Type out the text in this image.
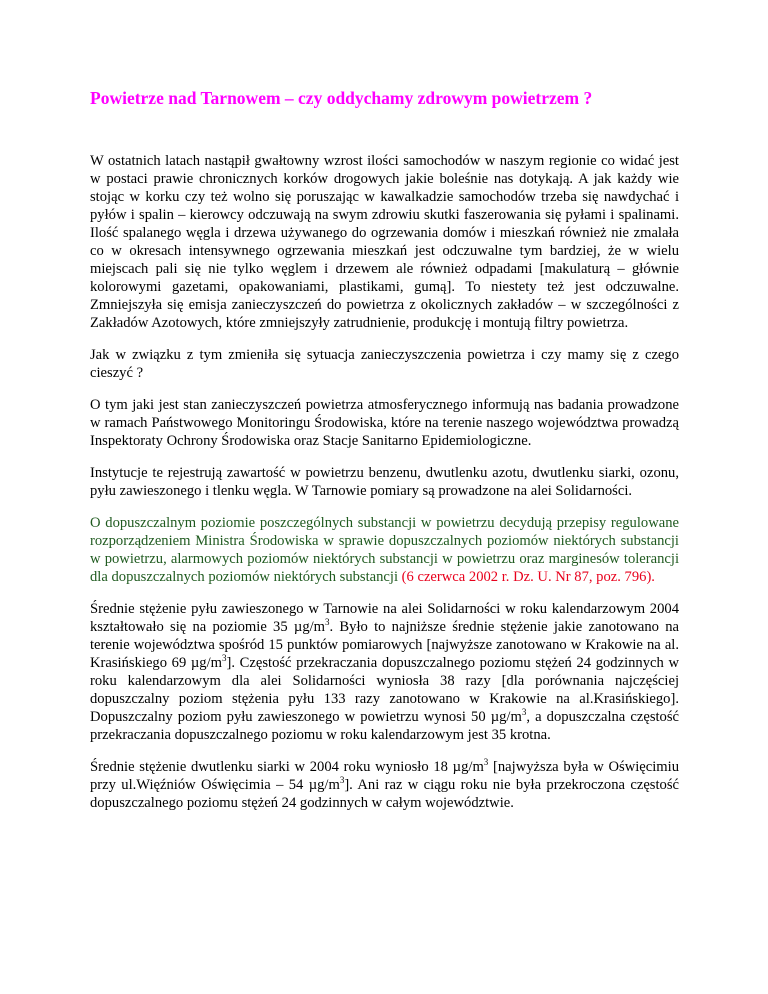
Powietrze nad Tarnowem – czy oddychamy zdrowym powietrzem ?

W ostatnich latach nastąpił gwałtowny wzrost ilości samochodów w naszym regionie co widać jest w postaci prawie chronicznych korków drogowych jakie boleśnie nas dotykają. A jak każdy wie stojąc w korku czy też wolno się poruszając w kawalkadzie samochodów trzeba się nawdychać i pyłów i spalin – kierowcy odczuwają na swym zdrowiu skutki faszerowania się pyłami i spalinami. Ilość spalanego węgla i drzewa używanego do ogrzewania domów i mieszkań również nie zmalała co w okresach intensywnego ogrzewania mieszkań jest odczuwalne tym bardziej, że w wielu miejscach pali się nie tylko węglem i drzewem ale również odpadami [makulaturą – głównie kolorowymi gazetami, opakowaniami, plastikami, gumą]. To niestety też jest odczuwalne. Zmniejszyła się emisja zanieczyszczeń do powietrza z okolicznych zakładów – w szczególności z Zakładów Azotowych, które zmniejszyły zatrudnienie, produkcję i montują filtry powietrza.

Jak w związku z tym zmieniła się sytuacja zanieczyszczenia powietrza i czy mamy się z czego cieszyć ?

O tym jaki jest stan zanieczyszczeń powietrza atmosferycznego informują nas badania prowadzone w ramach Państwowego Monitoringu Środowiska, które na terenie naszego województwa prowadzą Inspektoraty Ochrony Środowiska oraz Stacje Sanitarno Epidemiologiczne.

Instytucje te rejestrują zawartość w powietrzu benzenu, dwutlenku azotu, dwutlenku siarki, ozonu, pyłu zawieszonego i tlenku węgla. W Tarnowie pomiary są prowadzone na alei Solidarności.

O dopuszczalnym poziomie poszczególnych substancji w powietrzu decydują przepisy regulowane rozporządzeniem Ministra Środowiska w sprawie dopuszczalnych poziomów niektórych substancji w powietrzu, alarmowych poziomów niektórych substancji w powietrzu oraz marginesów tolerancji dla dopuszczalnych poziomów niektórych substancji (6 czerwca 2002 r. Dz. U. Nr 87, poz. 796).

Średnie stężenie pyłu zawieszonego w Tarnowie na alei Solidarności w roku kalendarzowym 2004 kształtowało się na poziomie 35 $\mu g/m^3$. Było to najniższe średnie stężenie jakie zanotowano na terenie województwa spośród 15 punktów pomiarowych [najwyższe zanotowano w Krakowie na al. Krasińskiego 69 $\mu g/m^3$]. Częstość przekraczania dopuszczalnego poziomu stężeń 24 godzinnych w roku kalendarzowym dla alei Solidarności wyniosła 38 razy [dla porównania najczęściej dopuszczalny poziom stężenia pyłu 133 razy zanotowano w Krakowie na al.Krasińskiego]. Dopuszczalny poziom pyłu zawieszonego w powietrzu wynosi 50 $\mu g/m^3$, a dopuszczalna częstość przekraczania dopuszczalnego poziomu w roku kalendarzowym jest 35 krotna.

Średnie stężenie dwutlenku siarki w 2004 roku wyniosło 18 $\mu g/m^3$ [najwyższa była w Oświęcimiu przy ul.Więźniów Oświęcimia – 54 $\mu g/m^3$]. Ani raz w ciągu roku nie była przekroczona częstość dopuszczalnego poziomu stężeń 24 godzinnych w całym województwie.
